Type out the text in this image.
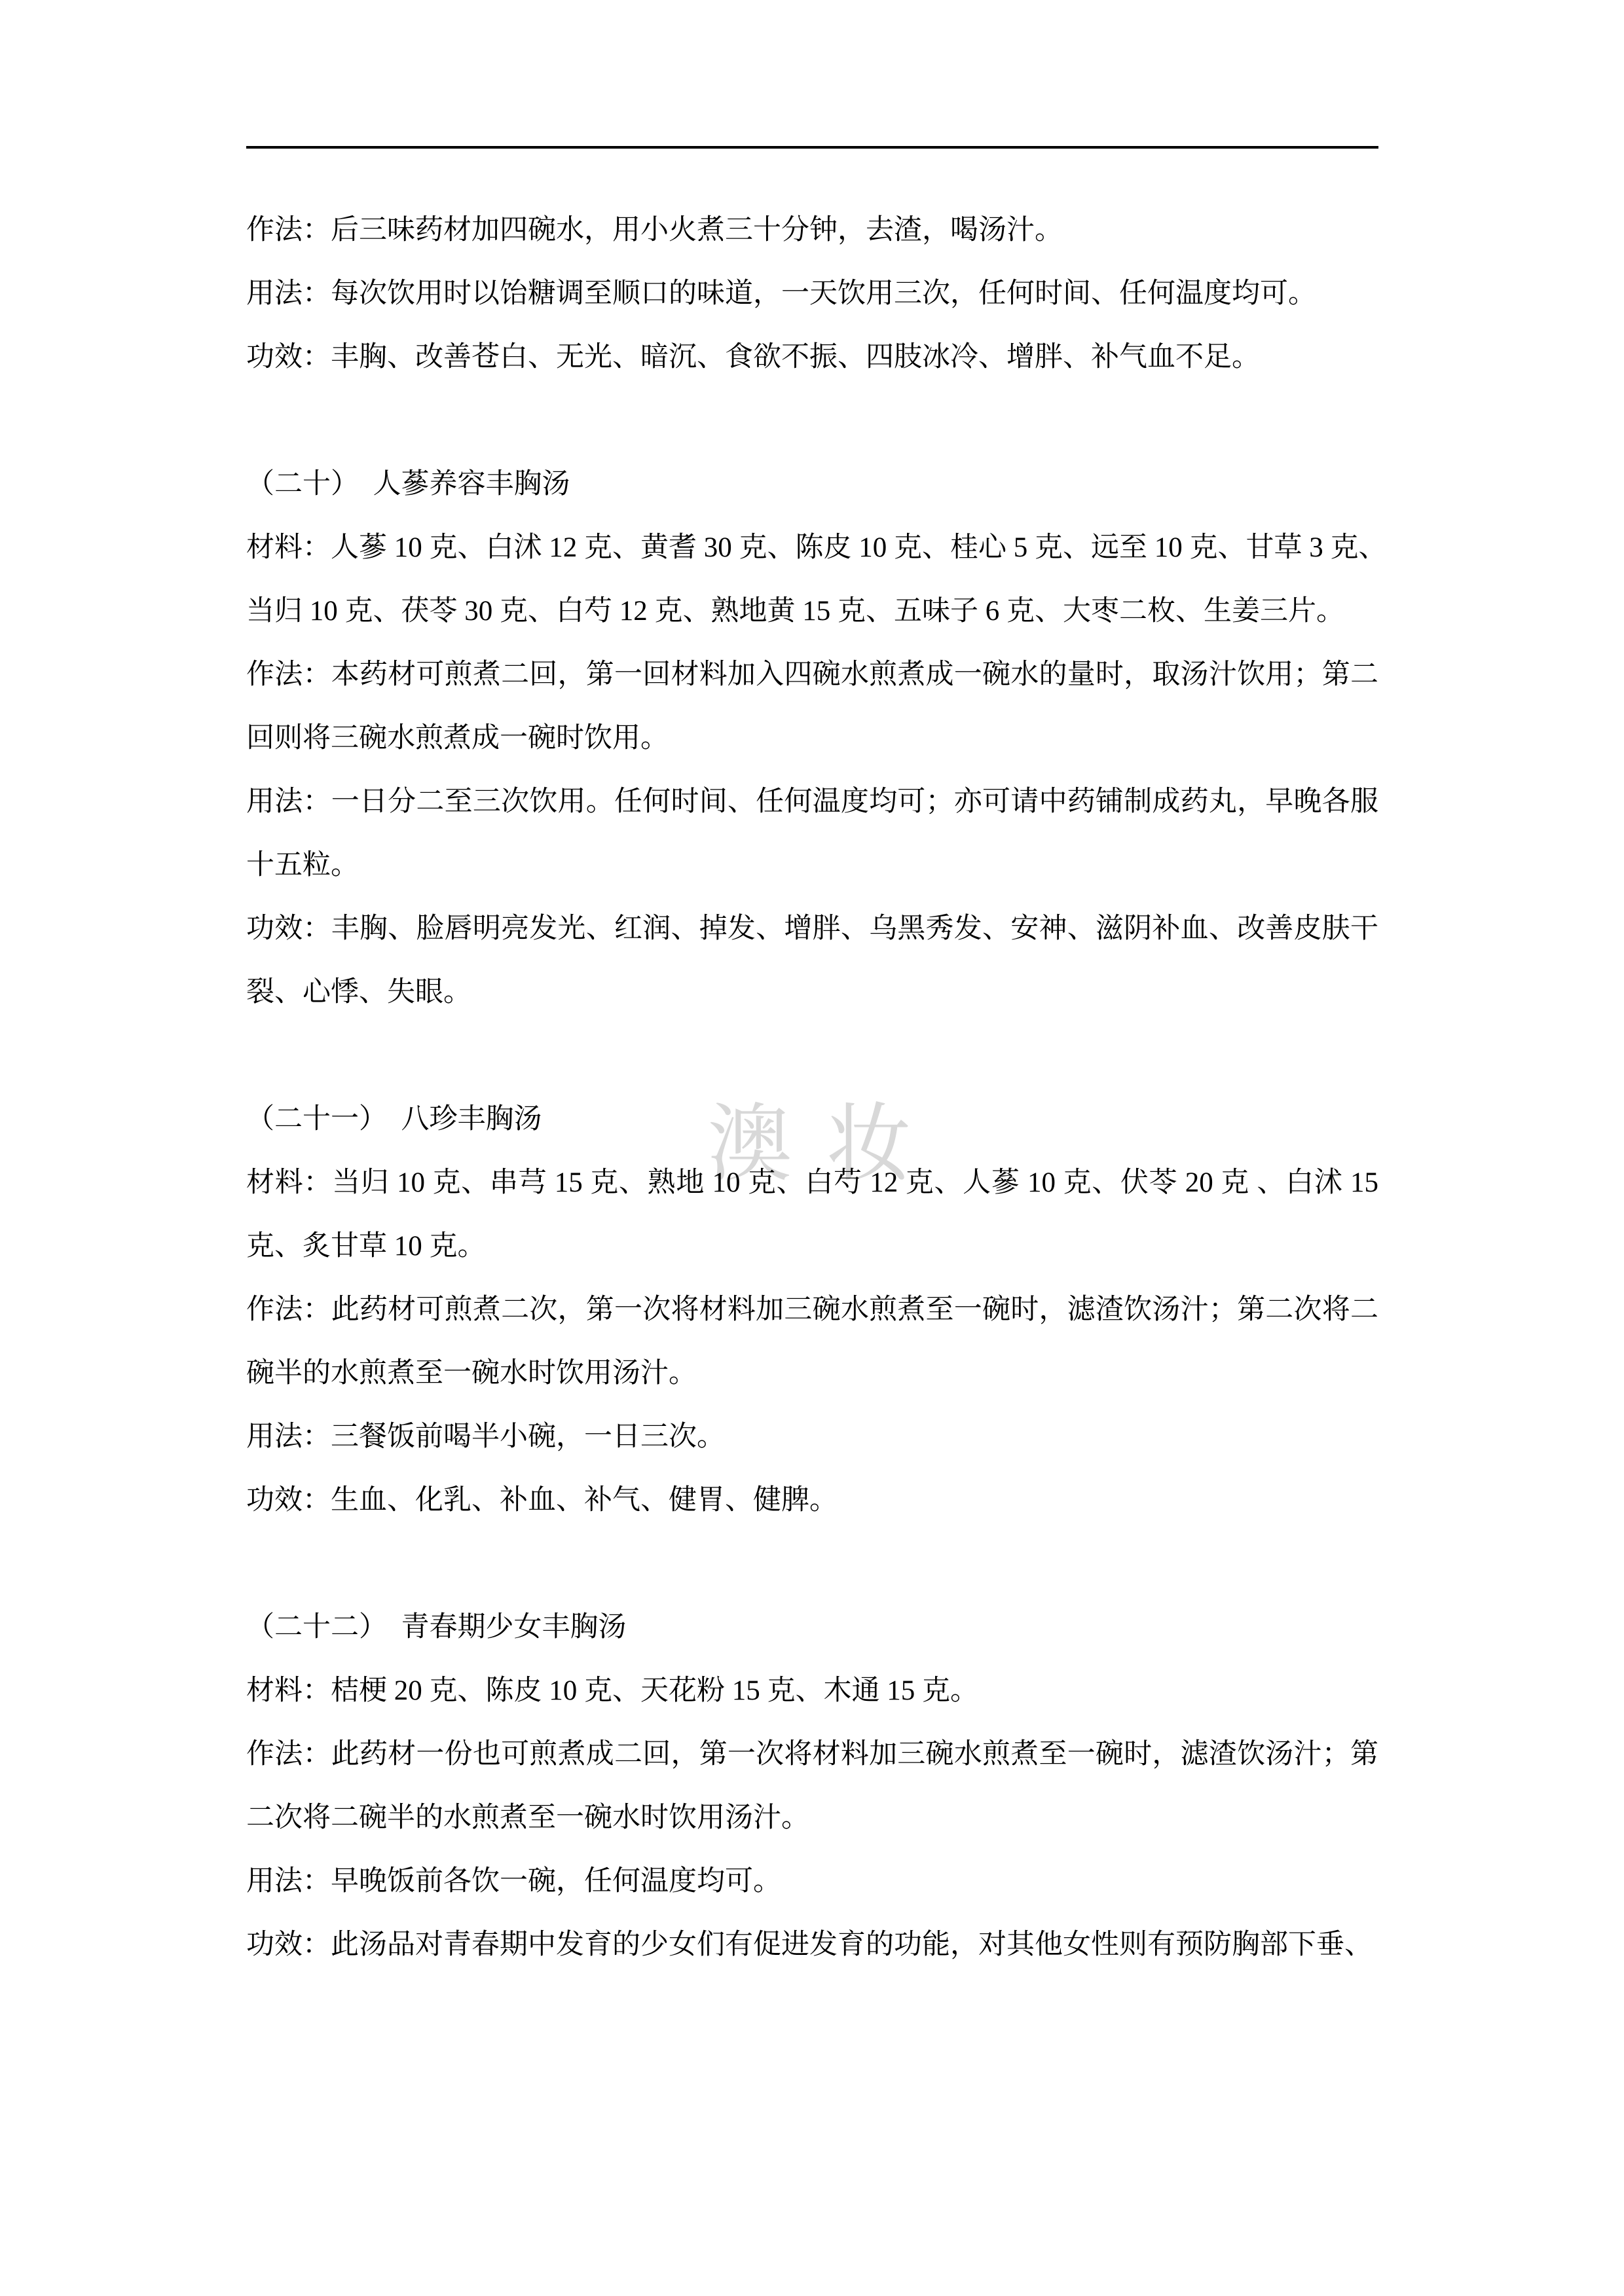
澳妆

作法：后三味药材加四碗水，用小火煮三十分钟，去渣，喝汤汁。

用法：每次饮用时以饴糖调至顺口的味道，一天饮用三次，任何时间、任何温度均可。

功效：丰胸、改善苍白、无光、暗沉、食欲不振、四肢冰冷、增胖、补气血不足。

（二十）　人蔘养容丰胸汤

材料：人蔘 10 克、白沭 12 克、黄耆 30 克、陈皮 10 克、桂心 5 克、远至 10 克、甘草 3 克、

当归 10 克、茯苓 30 克、白芍 12 克、熟地黄 15 克、五味子 6 克、大枣二枚、生姜三片。

作法：本药材可煎煮二回，第一回材料加入四碗水煎煮成一碗水的量时，取汤汁饮用；第二

回则将三碗水煎煮成一碗时饮用。

用法：一日分二至三次饮用。任何时间、任何温度均可；亦可请中药铺制成药丸，早晚各服

十五粒。

功效：丰胸、脸唇明亮发光、红润、掉发、增胖、乌黑秀发、安神、滋阴补血、改善皮肤干

裂、心悸、失眼。

（二十一）　八珍丰胸汤

材料：当归 10 克、串芎 15 克、熟地 10 克、白芍 12 克、人蔘 10 克、伏苓 20 克 、白沭 15

克、炙甘草 10 克。

作法：此药材可煎煮二次，第一次将材料加三碗水煎煮至一碗时，滤渣饮汤汁；第二次将二

碗半的水煎煮至一碗水时饮用汤汁。

用法：三餐饭前喝半小碗，一日三次。

功效：生血、化乳、补血、补气、健胃、健脾。

（二十二）　青春期少女丰胸汤

材料：桔梗 20 克、陈皮 10 克、天花粉 15 克、木通 15 克。

作法：此药材一份也可煎煮成二回，第一次将材料加三碗水煎煮至一碗时，滤渣饮汤汁；第

二次将二碗半的水煎煮至一碗水时饮用汤汁。

用法：早晚饭前各饮一碗，任何温度均可。

功效：此汤品对青春期中发育的少女们有促进发育的功能，对其他女性则有预防胸部下垂、
